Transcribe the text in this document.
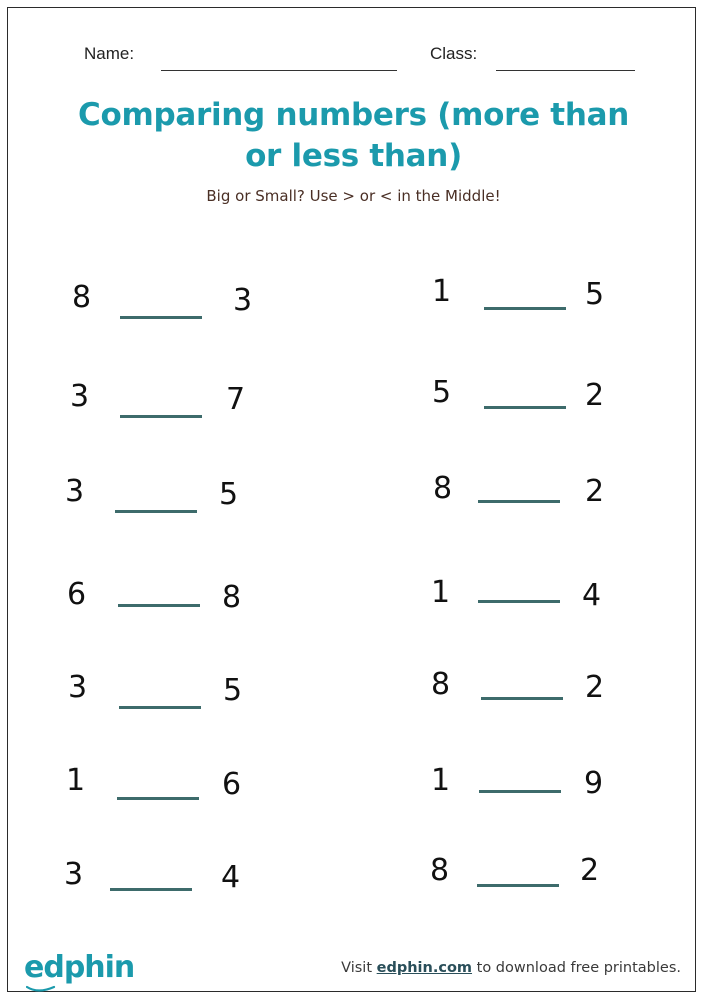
Name:	Class:
Comparing numbers (more than
or less than)
Big or Small? Use > or < in the Middle!
8	3
3	7
3	5
6	8
3	5
1	6
3	4
1	5
5	2
8	2
1	4
8	2
1	9
8	2
edphin	Visit edphin.com to download free printables.
